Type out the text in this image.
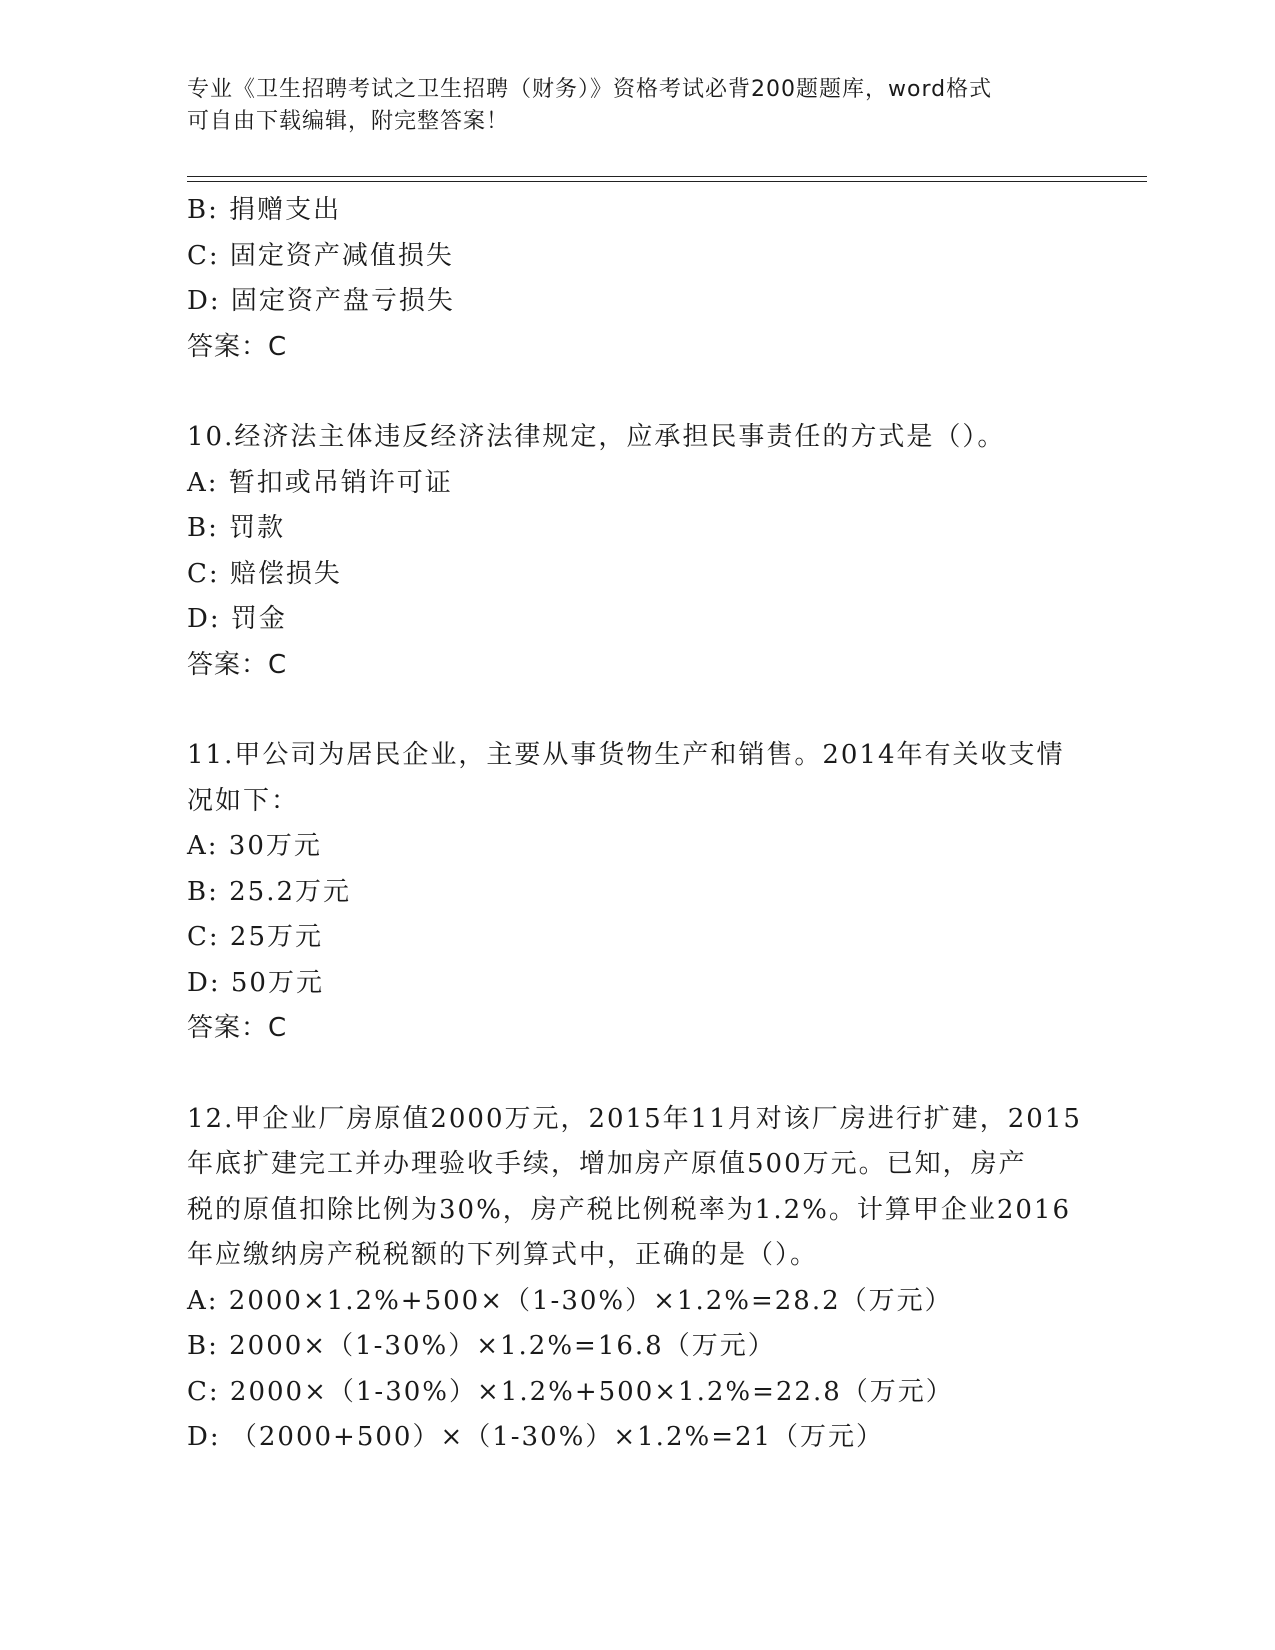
专业《卫生招聘考试之卫生招聘（财务）》资格考试必背200题题库，word格式
可自由下载编辑，附完整答案！
B: 捐赠支出
C: 固定资产减值损失
D: 固定资产盘亏损失
答案：C
10.经济法主体违反经济法律规定，应承担民事责任的方式是（）。
A: 暂扣或吊销许可证
B: 罚款
C: 赔偿损失
D: 罚金
答案：C
11.甲公司为居民企业，主要从事货物生产和销售。2014年有关收支情
况如下：
A: 30万元
B: 25.2万元
C: 25万元
D: 50万元
答案：C
12.甲企业厂房原值2000万元，2015年11月对该厂房进行扩建，2015
年底扩建完工并办理验收手续，增加房产原值500万元。已知，房产
税的原值扣除比例为30%，房产税比例税率为1.2%。计算甲企业2016
年应缴纳房产税税额的下列算式中，正确的是（）。
A: 2000×1.2%+500×（1-30%）×1.2%=28.2（万元）
B: 2000×（1-30%）×1.2%=16.8（万元）
C: 2000×（1-30%）×1.2%+500×1.2%=22.8（万元）
D: （2000+500）×（1-30%）×1.2%=21（万元）
